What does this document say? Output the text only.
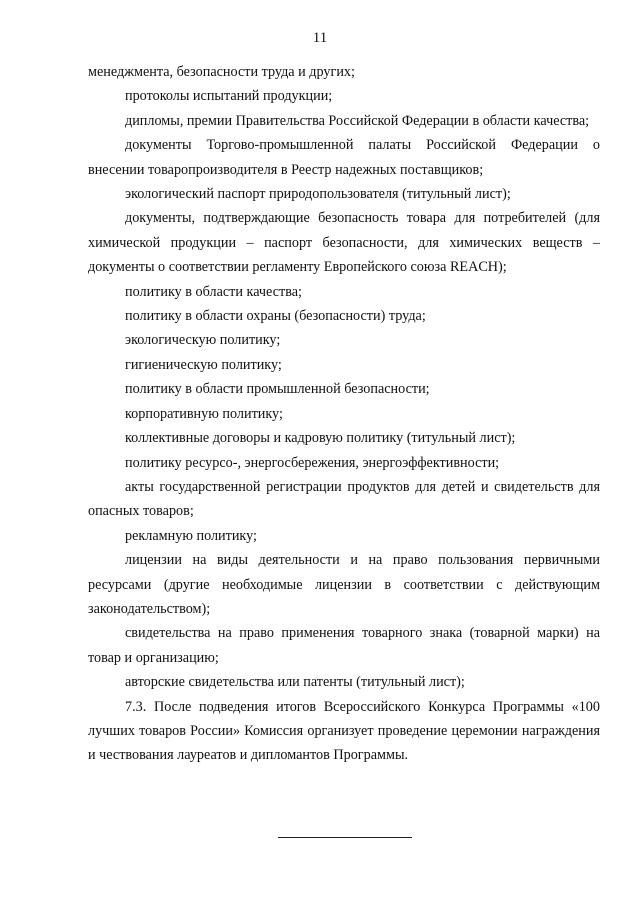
11

менеджмента, безопасности труда и других;

протоколы испытаний продукции;

дипломы, премии Правительства Российской Федерации в области качества;

документы Торгово-промышленной палаты Российской Федерации о внесении товаропроизводителя в Реестр надежных поставщиков;

экологический паспорт природопользователя (титульный лист);

документы, подтверждающие безопасность товара для потребителей (для химической продукции – паспорт безопасности, для химических веществ – документы о соответствии регламенту Европейского союза REACH);

политику в области качества;

политику в области охраны (безопасности) труда;

экологическую политику;

гигиеническую политику;

политику в области промышленной безопасности;

корпоративную политику;

коллективные договоры и кадровую политику (титульный лист);

политику ресурсо-, энергосбережения, энергоэффективности;

акты государственной регистрации продуктов для детей и свидетельств для опасных товаров;

рекламную политику;

лицензии на виды деятельности и на право пользования первичными ресурсами (другие необходимые лицензии в соответствии с действующим законодательством);

свидетельства на право применения товарного знака (товарной марки) на товар и организацию;

авторские свидетельства или патенты (титульный лист);

7.3. После подведения итогов Всероссийского Конкурса Программы «100 лучших товаров России» Комиссия организует проведение церемонии награждения и чествования лауреатов и дипломантов Программы.
